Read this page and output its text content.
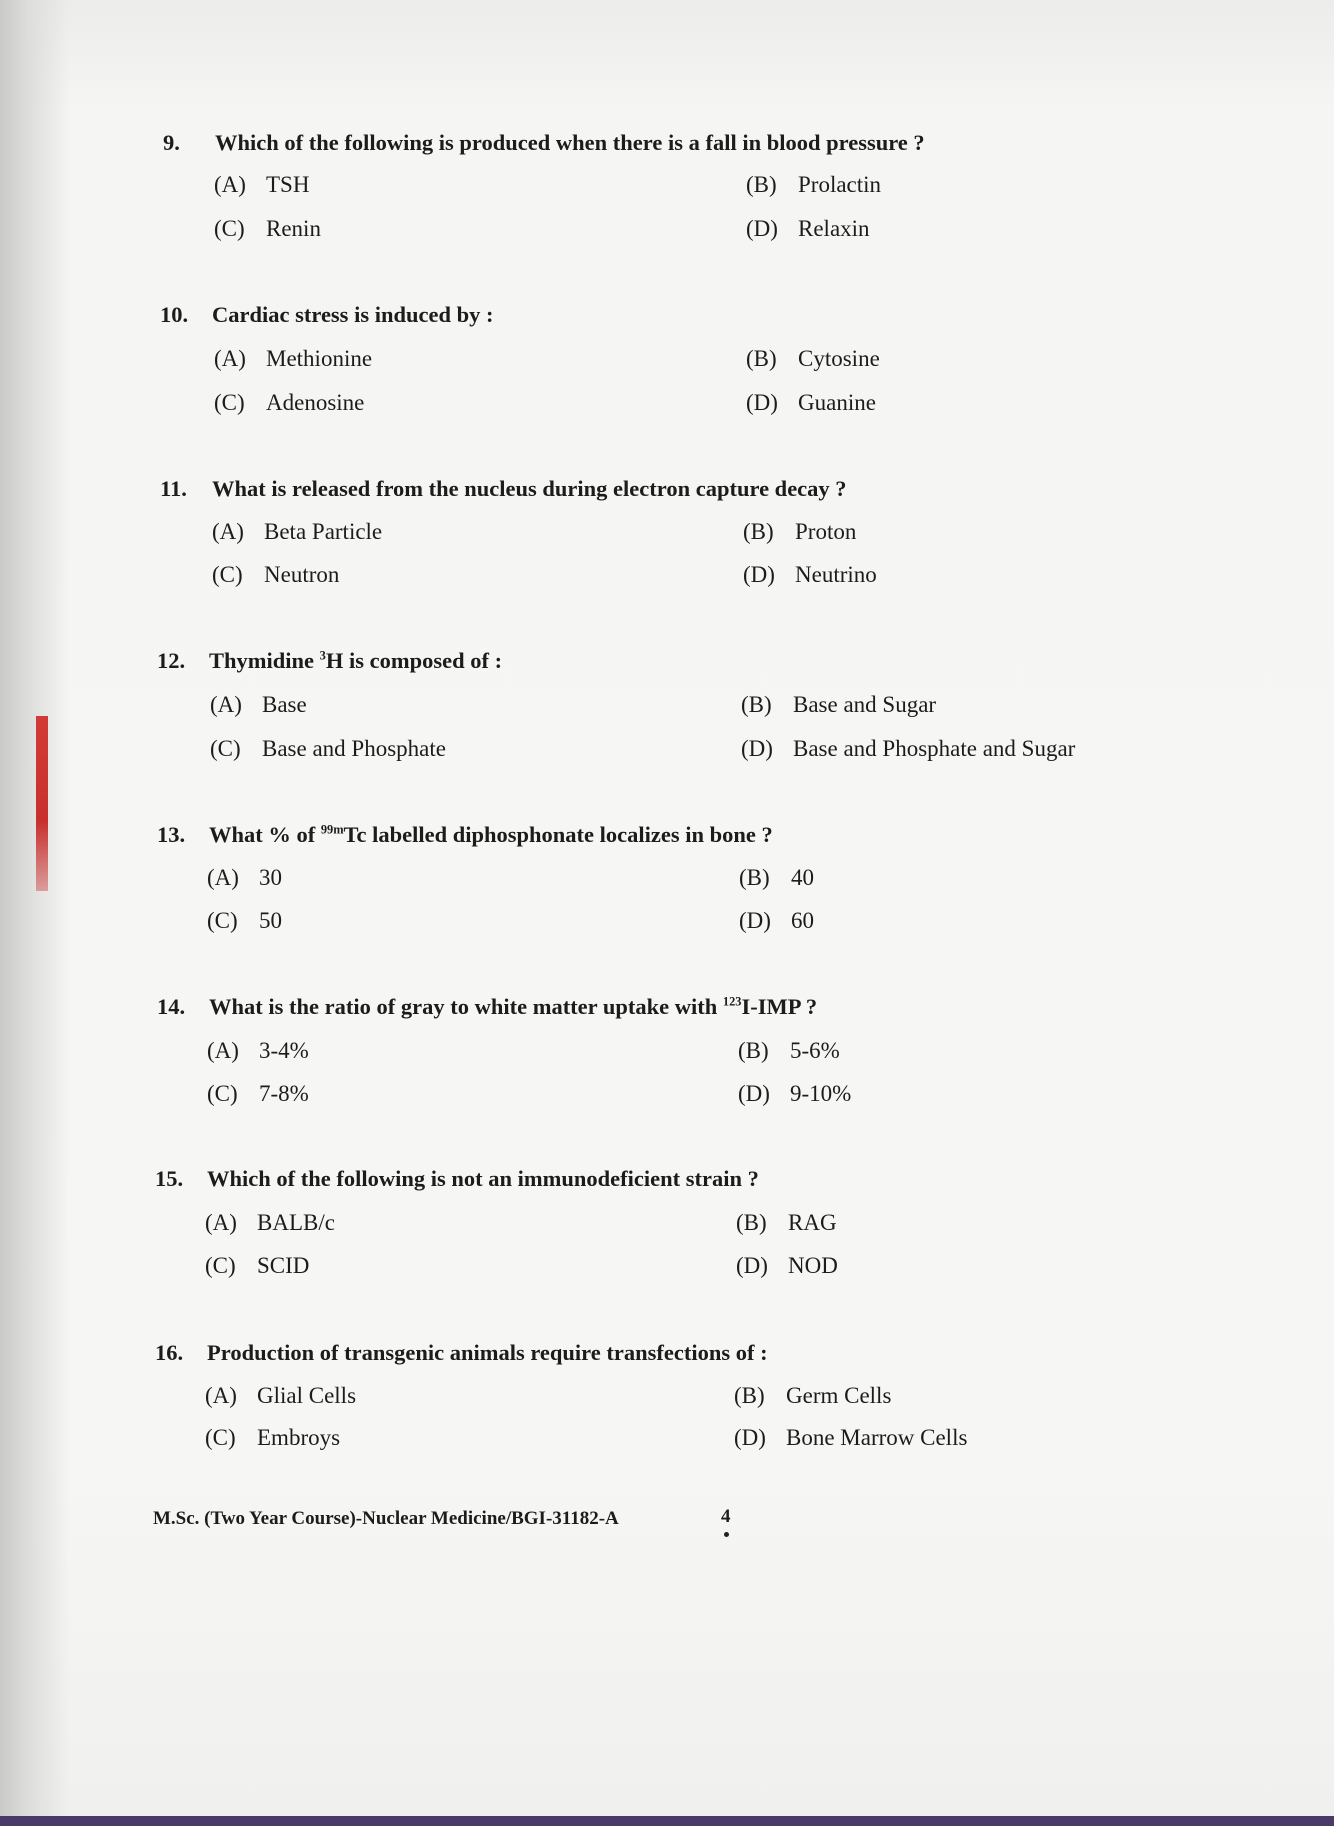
9. Which of the following is produced when there is a fall in blood pressure ?
(A) TSH	(B) Prolactin
(C) Renin	(D) Relaxin
10. Cardiac stress is induced by :
(A) Methionine	(B) Cytosine
(C) Adenosine	(D) Guanine
11. What is released from the nucleus during electron capture decay ?
(A) Beta Particle	(B) Proton
(C) Neutron	(D) Neutrino
12. Thymidine $^3$H is composed of :
(A) Base	(B) Base and Sugar
(C) Base and Phosphate	(D) Base and Phosphate and Sugar
13. What % of $^{99m}$Tc labelled diphosphonate localizes in bone ?
(A) 30	(B) 40
(C) 50	(D) 60
14. What is the ratio of gray to white matter uptake with $^{123}$I-IMP ?
(A) 3-4%	(B) 5-6%
(C) 7-8%	(D) 9-10%
15. Which of the following is not an immunodeficient strain ?
(A) BALB/c	(B) RAG
(C) SCID	(D) NOD
16. Production of transgenic animals require transfections of :
(A) Glial Cells	(B) Germ Cells
(C) Embroys	(D) Bone Marrow Cells
M.Sc. (Two Year Course)-Nuclear Medicine/BGI-31182-A	4
